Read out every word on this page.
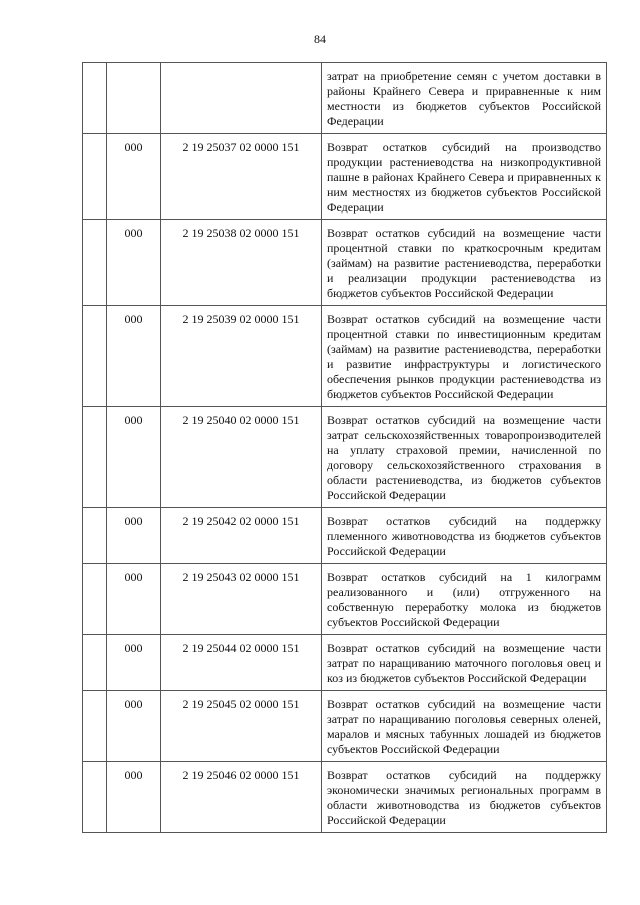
84
			затрат на приобретение семян с учетом доставки в районы Крайнего Севера и приравненные к ним местности из бюджетов субъектов Российской Федерации
	000	2 19 25037 02 0000 151	Возврат остатков субсидий на производство продукции растениеводства на низкопродуктивной пашне в районах Крайнего Севера и приравненных к ним местностях из бюджетов субъектов Российской Федерации
	000	2 19 25038 02 0000 151	Возврат остатков субсидий на возмещение части процентной ставки по краткосрочным кредитам (займам) на развитие растениеводства, переработки и реализации продукции растениеводства из бюджетов субъектов Российской Федерации
	000	2 19 25039 02 0000 151	Возврат остатков субсидий на возмещение части процентной ставки по инвестиционным кредитам (займам) на развитие растениеводства, переработки и развитие инфраструктуры и логистического обеспечения рынков продукции растениеводства из бюджетов субъектов Российской Федерации
	000	2 19 25040 02 0000 151	Возврат остатков субсидий на возмещение части затрат сельскохозяйственных товаропроизводителей на уплату страховой премии, начисленной по договору сельскохозяйственного страхования в области растениеводства, из бюджетов субъектов Российской Федерации
	000	2 19 25042 02 0000 151	Возврат остатков субсидий на поддержку племенного животноводства из бюджетов субъектов Российской Федерации
	000	2 19 25043 02 0000 151	Возврат остатков субсидий на 1 килограмм реализованного и (или) отгруженного на собственную переработку молока из бюджетов субъектов Российской Федерации
	000	2 19 25044 02 0000 151	Возврат остатков субсидий на возмещение части затрат по наращиванию маточного поголовья овец и коз из бюджетов субъектов Российской Федерации
	000	2 19 25045 02 0000 151	Возврат остатков субсидий на возмещение части затрат по наращиванию поголовья северных оленей, маралов и мясных табунных лошадей из бюджетов субъектов Российской Федерации
	000	2 19 25046 02 0000 151	Возврат остатков субсидий на поддержку экономически значимых региональных программ в области животноводства из бюджетов субъектов Российской Федерации
